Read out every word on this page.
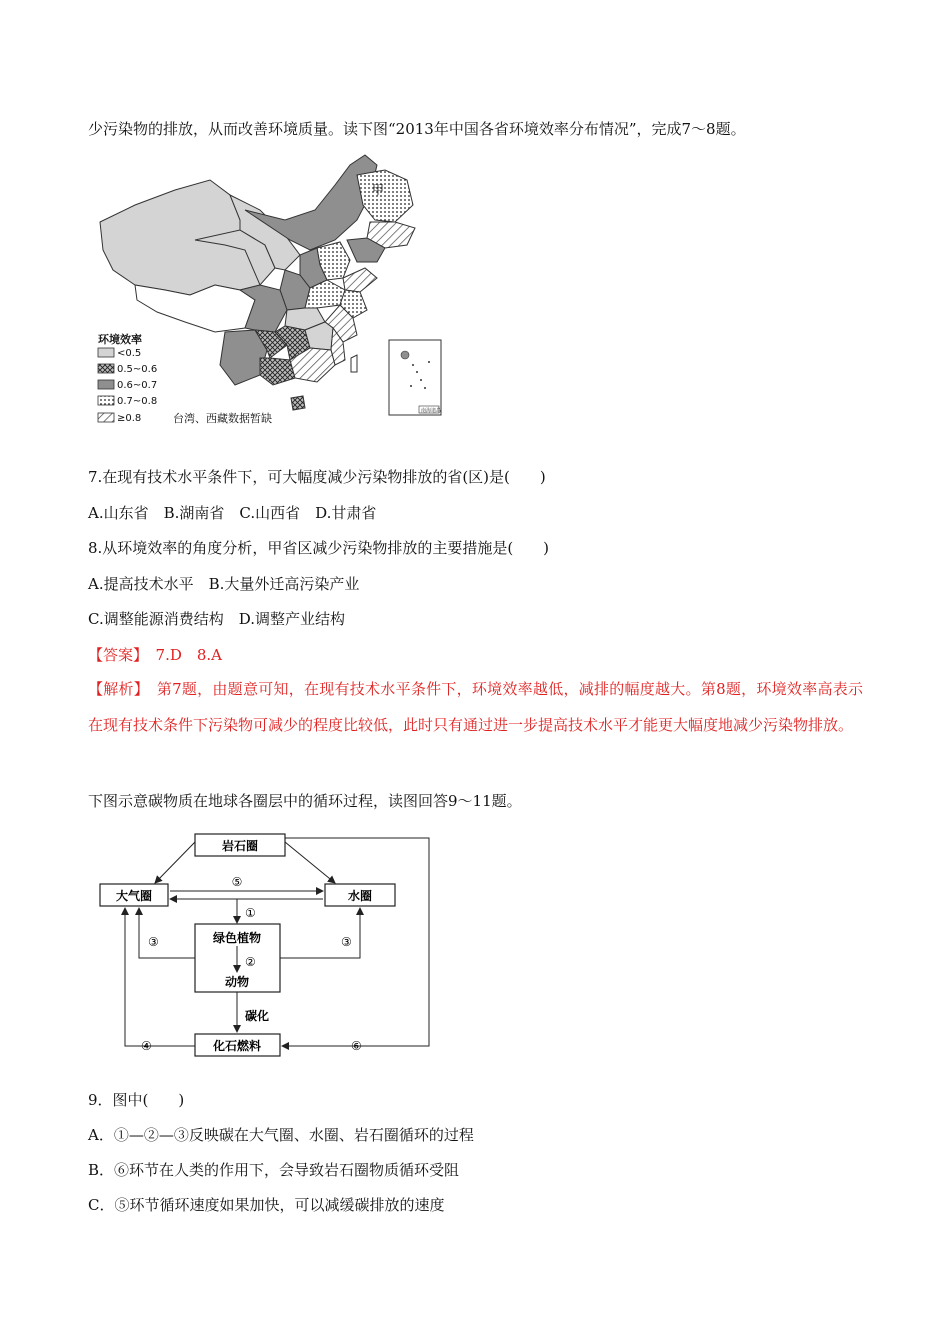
少污染物的排放，从而改善环境质量。读下图“2013年中国各省环境效率分布情况”，完成7～8题。
甲
南海诸岛
环境效率
<0.5
0.5~0.6
0.6~0.7
0.7~0.8
≥0.8	台湾、西藏数据暂缺
7.在现有技术水平条件下，可大幅度减少污染物排放的省(区)是(　　)
A.山东省　B.湖南省　C.山西省　D.甘肃省
8.从环境效率的角度分析，甲省区减少污染物排放的主要措施是(　　)
A.提高技术水平　B.大量外迁高污染产业
C.调整能源消费结构　D.调整产业结构
【答案】　 7.D　8.A
【解析】　 第7题，由题意可知，在现有技术水平条件下，环境效率越低，减排的幅度越大。第8题，环境效率高表示在现有技术条件下污染物可减少的程度比较低，此时只有通过进一步提高技术水平才能更大幅度地减少污染物排放。
下图示意碳物质在地球各圈层中的循环过程，读图回答9～11题。
岩石圈
大气圈	水圈
绿色植物
动物
化石燃料
⑤
①
②
③	③
碳化
④	⑥
9．图中(　　)
A．①—②—③反映碳在大气圈、水圈、岩石圈循环的过程
B．⑥环节在人类的作用下，会导致岩石圈物质循环受阻
C．⑤环节循环速度如果加快，可以减缓碳排放的速度
